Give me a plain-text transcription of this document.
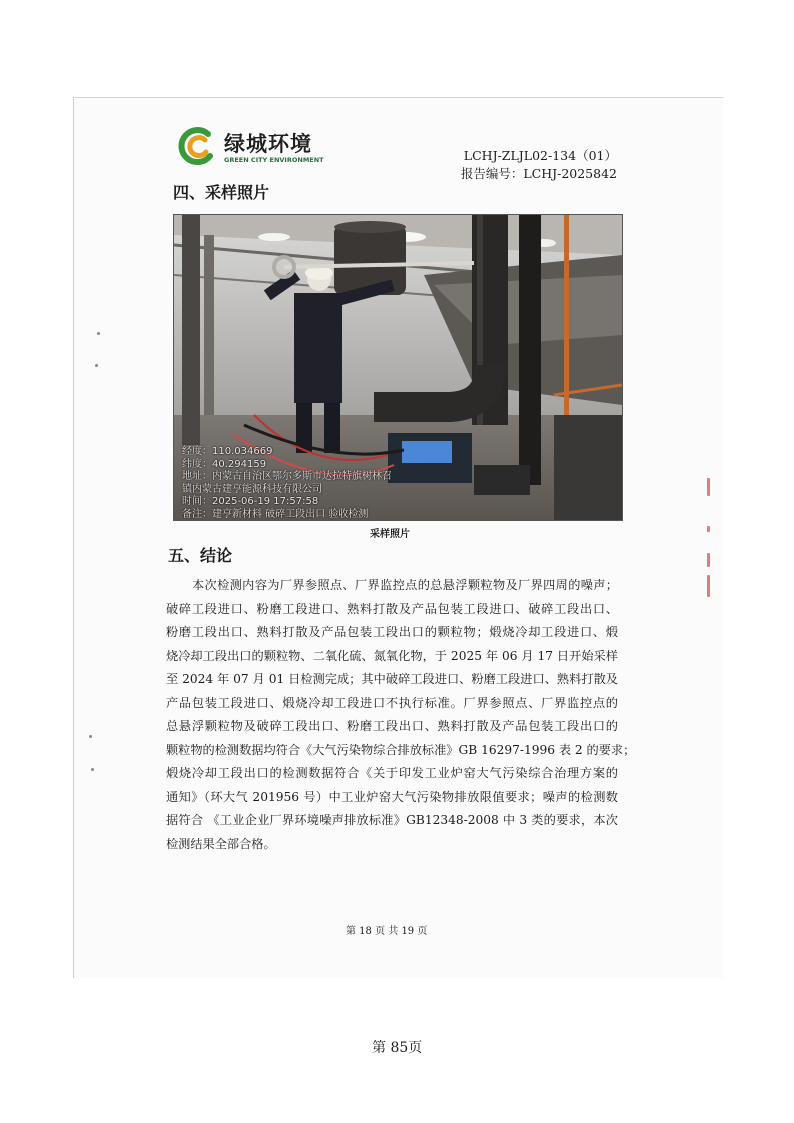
绿城环境
GREEN CITY ENVIRONMENT	LCHJ-ZLJL02-134（01）
报告编号：LCHJ-2025842
四、采样照片
经度：110.034669
纬度：40.294159
地址：内蒙古自治区鄂尔多斯市达拉特旗树林召
镇内蒙古建亨能源科技有限公司
时间：2025-06-19 17:57:58
备注：建亨新材料 破碎工段出口 验收检测
采样照片
五、结论
本次检测内容为厂界参照点、厂界监控点的总悬浮颗粒物及厂界四周的噪声；
破碎工段进口、粉磨工段进口、熟料打散及产品包装工段进口、破碎工段出口、
粉磨工段出口、熟料打散及产品包装工段出口的颗粒物；煅烧冷却工段进口、煅
烧冷却工段出口的颗粒物、二氧化硫、氮氧化物，于 2025 年 06 月 17 日开始采样
至 2024 年 07 月 01 日检测完成；其中破碎工段进口、粉磨工段进口、熟料打散及
产品包装工段进口、煅烧冷却工段进口不执行标准。厂界参照点、厂界监控点的
总悬浮颗粒物及破碎工段出口、粉磨工段出口、熟料打散及产品包装工段出口的
颗粒物的检测数据均符合《大气污染物综合排放标准》GB 16297-1996 表 2 的要求；
煅烧冷却工段出口的检测数据符合《关于印发工业炉窑大气污染综合治理方案的
通知》（环大气 201956 号）中工业炉窑大气污染物排放限值要求；噪声的检测数
据符合 《工业企业厂界环境噪声排放标准》GB12348-2008 中 3 类的要求，本次
检测结果全部合格。
第 18 页 共 19 页
第 85页
